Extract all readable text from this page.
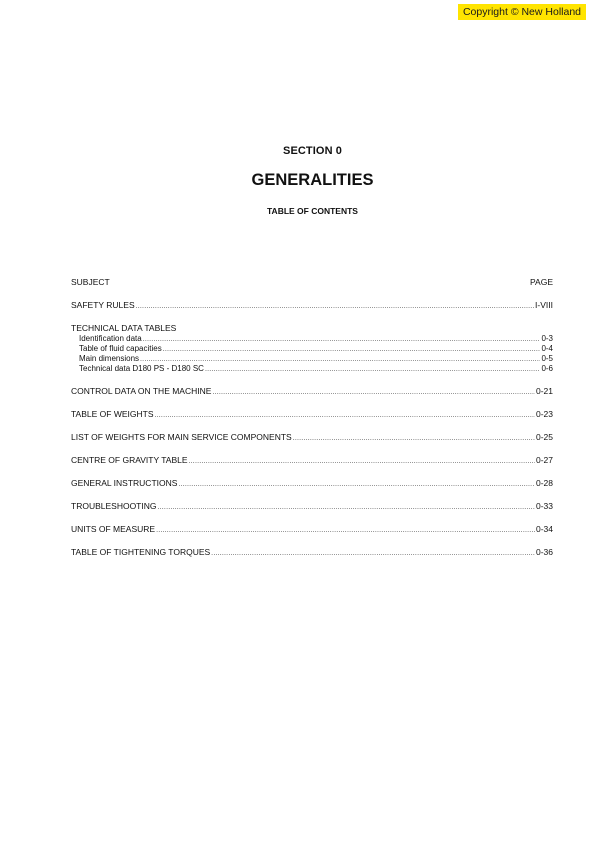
Copyright © New Holland
SECTION 0
GENERALITIES
TABLE OF CONTENTS
SUBJECT	PAGE
SAFETY RULES .....	I-VIII
TECHNICAL DATA TABLES
Identification data .....	0-3
Table of fluid capacities .....	0-4
Main dimensions .....	0-5
Technical data D180 PS - D180 SC .....	0-6
CONTROL DATA ON THE MACHINE .....	0-21
TABLE OF WEIGHTS .....	0-23
LIST OF WEIGHTS FOR MAIN SERVICE COMPONENTS .....	0-25
CENTRE OF GRAVITY TABLE .....	0-27
GENERAL INSTRUCTIONS .....	0-28
TROUBLESHOOTING .....	0-33
UNITS OF MEASURE .....	0-34
TABLE OF TIGHTENING TORQUES .....	0-36
